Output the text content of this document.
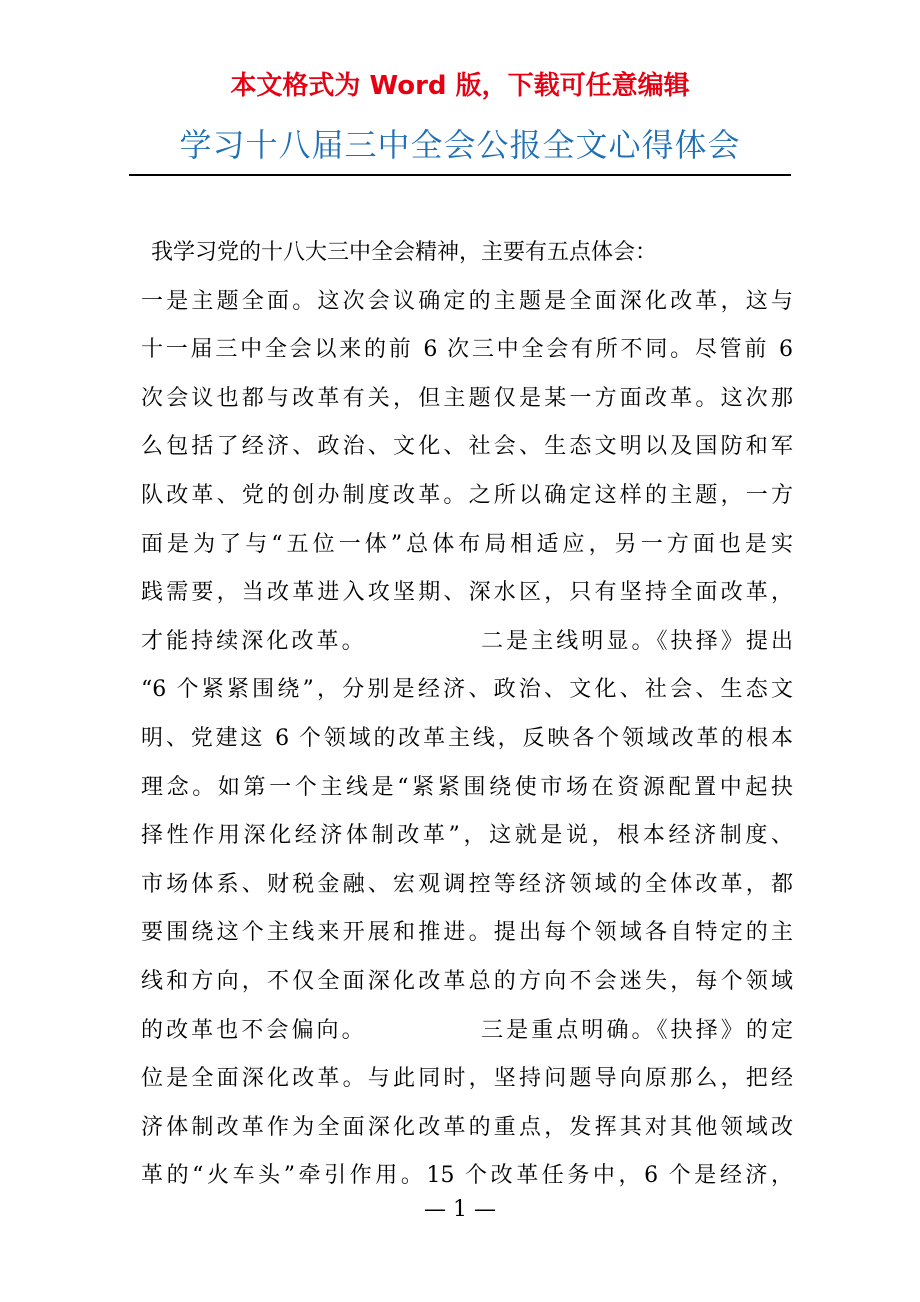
本文格式为 Word 版，下载可任意编辑
学习十八届三中全会公报全文心得体会
我学习党的十八大三中全会精神，主要有五点体会：
一是主题全面。这次会议确定的主题是全面深化改革，这与
十一届三中全会以来的前 6 次三中全会有所不同。尽管前 6
次会议也都与改革有关，但主题仅是某一方面改革。这次那
么包括了经济、政治、文化、社会、生态文明以及国防和军
队改革、党的创办制度改革。之所以确定这样的主题，一方
面是为了与“五位一体”总体布局相适应，另一方面也是实
践需要，当改革进入攻坚期、深水区，只有坚持全面改革，
才能持续深化改革。　　　　　二是主线明显。《抉择》提出
“6 个紧紧围绕”，分别是经济、政治、文化、社会、生态文
明、党建这 6 个领域的改革主线，反映各个领域改革的根本
理念。如第一个主线是“紧紧围绕使市场在资源配置中起抉
择性作用深化经济体制改革”，这就是说，根本经济制度、
市场体系、财税金融、宏观调控等经济领域的全体改革，都
要围绕这个主线来开展和推进。提出每个领域各自特定的主
线和方向，不仅全面深化改革总的方向不会迷失，每个领域
的改革也不会偏向。　　　　　三是重点明确。《抉择》的定
位是全面深化改革。与此同时，坚持问题导向原那么，把经
济体制改革作为全面深化改革的重点，发挥其对其他领域改
革的“火车头”牵引作用。15 个改革任务中，6 个是经济，
— 1 —
